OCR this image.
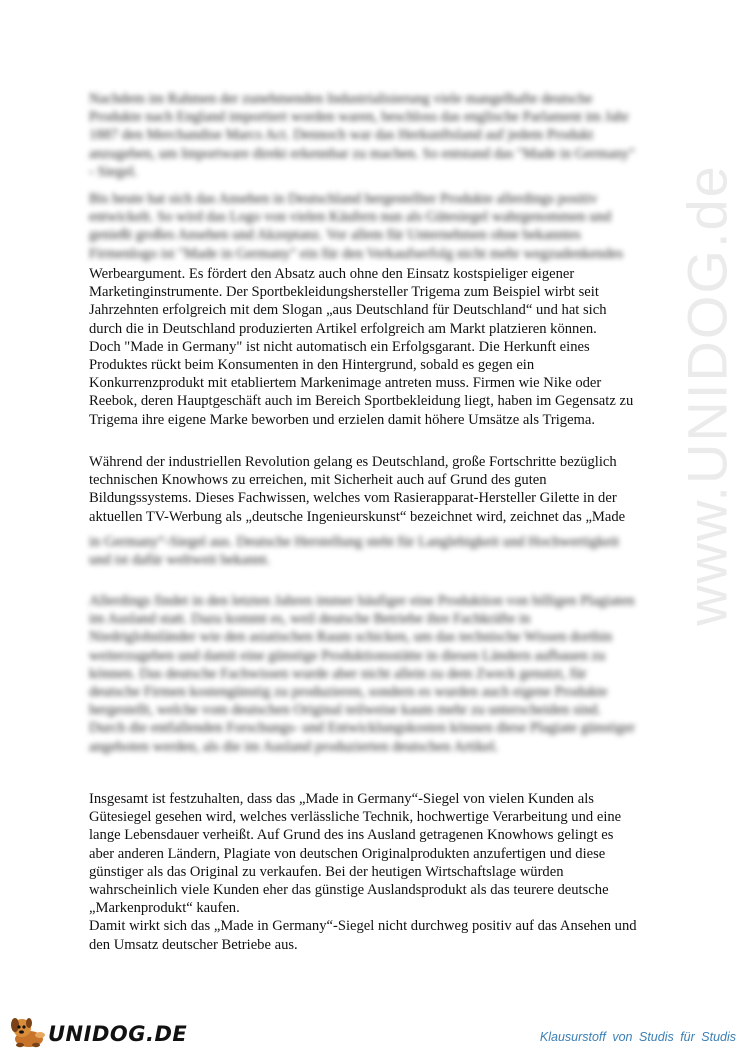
Nachdem im Rahmen der zunehmenden Industrialisierung viele mangelhafte deutsche
Produkte nach England importiert worden waren, beschloss das englische Parlament im Jahr
1887 den Merchandise Marcs Act. Dennoch war das Herkunftsland auf jedem Produkt
anzugeben, um Importware direkt erkennbar zu machen. So entstand das "Made in Germany"
- Siegel.
Bis heute hat sich das Ansehen in Deutschland hergestellter Produkte allerdings positiv
entwickelt. So wird das Logo von vielen Käufern nun als Gütesiegel wahrgenommen und
genießt großes Ansehen und Akzeptanz. Vor allem für Unternehmen ohne bekanntes
Firmenlogo ist "Made in Germany" ein für den Verkaufserfolg nicht mehr wegzudenkendes
Werbeargument. Es fördert den Absatz auch ohne den Einsatz kostspieliger eigener
Marketinginstrumente. Der Sportbekleidungshersteller Trigema zum Beispiel wirbt seit
Jahrzehnten erfolgreich mit dem Slogan „aus Deutschland für Deutschland“ und hat sich
durch die in Deutschland produzierten Artikel erfolgreich am Markt platzieren können.
Doch "Made in Germany" ist nicht automatisch ein Erfolgsgarant. Die Herkunft eines
Produktes rückt beim Konsumenten in den Hintergrund, sobald es gegen ein
Konkurrenzprodukt mit etabliertem Markenimage antreten muss. Firmen wie Nike oder
Reebok, deren Hauptgeschäft auch im Bereich Sportbekleidung liegt, haben im Gegensatz zu
Trigema ihre eigene Marke beworben und erzielen damit höhere Umsätze als Trigema.
Während der industriellen Revolution gelang es Deutschland, große Fortschritte bezüglich
technischen Knowhows zu erreichen, mit Sicherheit auch auf Grund des guten
Bildungssystems. Dieses Fachwissen, welches vom Rasierapparat-Hersteller Gilette in der
aktuellen TV-Werbung als „deutsche Ingenieurskunst“ bezeichnet wird, zeichnet das „Made
in Germany“-Siegel aus. Deutsche Herstellung steht für Langlebigkeit und Hochwertigkeit
und ist dafür weltweit bekannt.
Allerdings findet in den letzten Jahren immer häufiger eine Produktion von billigen Plagiaten
im Ausland statt. Dazu kommt es, weil deutsche Betriebe ihre Fachkräfte in
Niedriglohnländer wie den asiatischen Raum schicken, um das technische Wissen dorthin
weiterzugeben und damit eine günstige Produktionsstätte in diesen Ländern aufbauen zu
können. Das deutsche Fachwissen wurde aber nicht allein zu dem Zweck genutzt, für
deutsche Firmen kostengünstig zu produzieren, sondern es wurden auch eigene Produkte
hergestellt, welche vom deutschen Original teilweise kaum mehr zu unterscheiden sind.
Durch die entfallenden Forschungs- und Entwicklungskosten können diese Plagiate günstiger
angeboten werden, als die im Ausland produzierten deutschen Artikel.
Insgesamt ist festzuhalten, dass das „Made in Germany“-Siegel von vielen Kunden als
Gütesiegel gesehen wird, welches verlässliche Technik, hochwertige Verarbeitung und eine
lange Lebensdauer verheißt. Auf Grund des ins Ausland getragenen Knowhows gelingt es
aber anderen Ländern, Plagiate von deutschen Originalprodukten anzufertigen und diese
günstiger als das Original zu verkaufen. Bei der heutigen Wirtschaftslage würden
wahrscheinlich viele Kunden eher das günstige Auslandsprodukt als das teurere deutsche
„Markenprodukt“ kaufen.
Damit wirkt sich das „Made in Germany“-Siegel nicht durchweg positiv auf das Ansehen und
den Umsatz deutscher Betriebe aus.
www.UNIDOG.de
UNIDOG.DE	Klausurstoff von Studis für Studis
